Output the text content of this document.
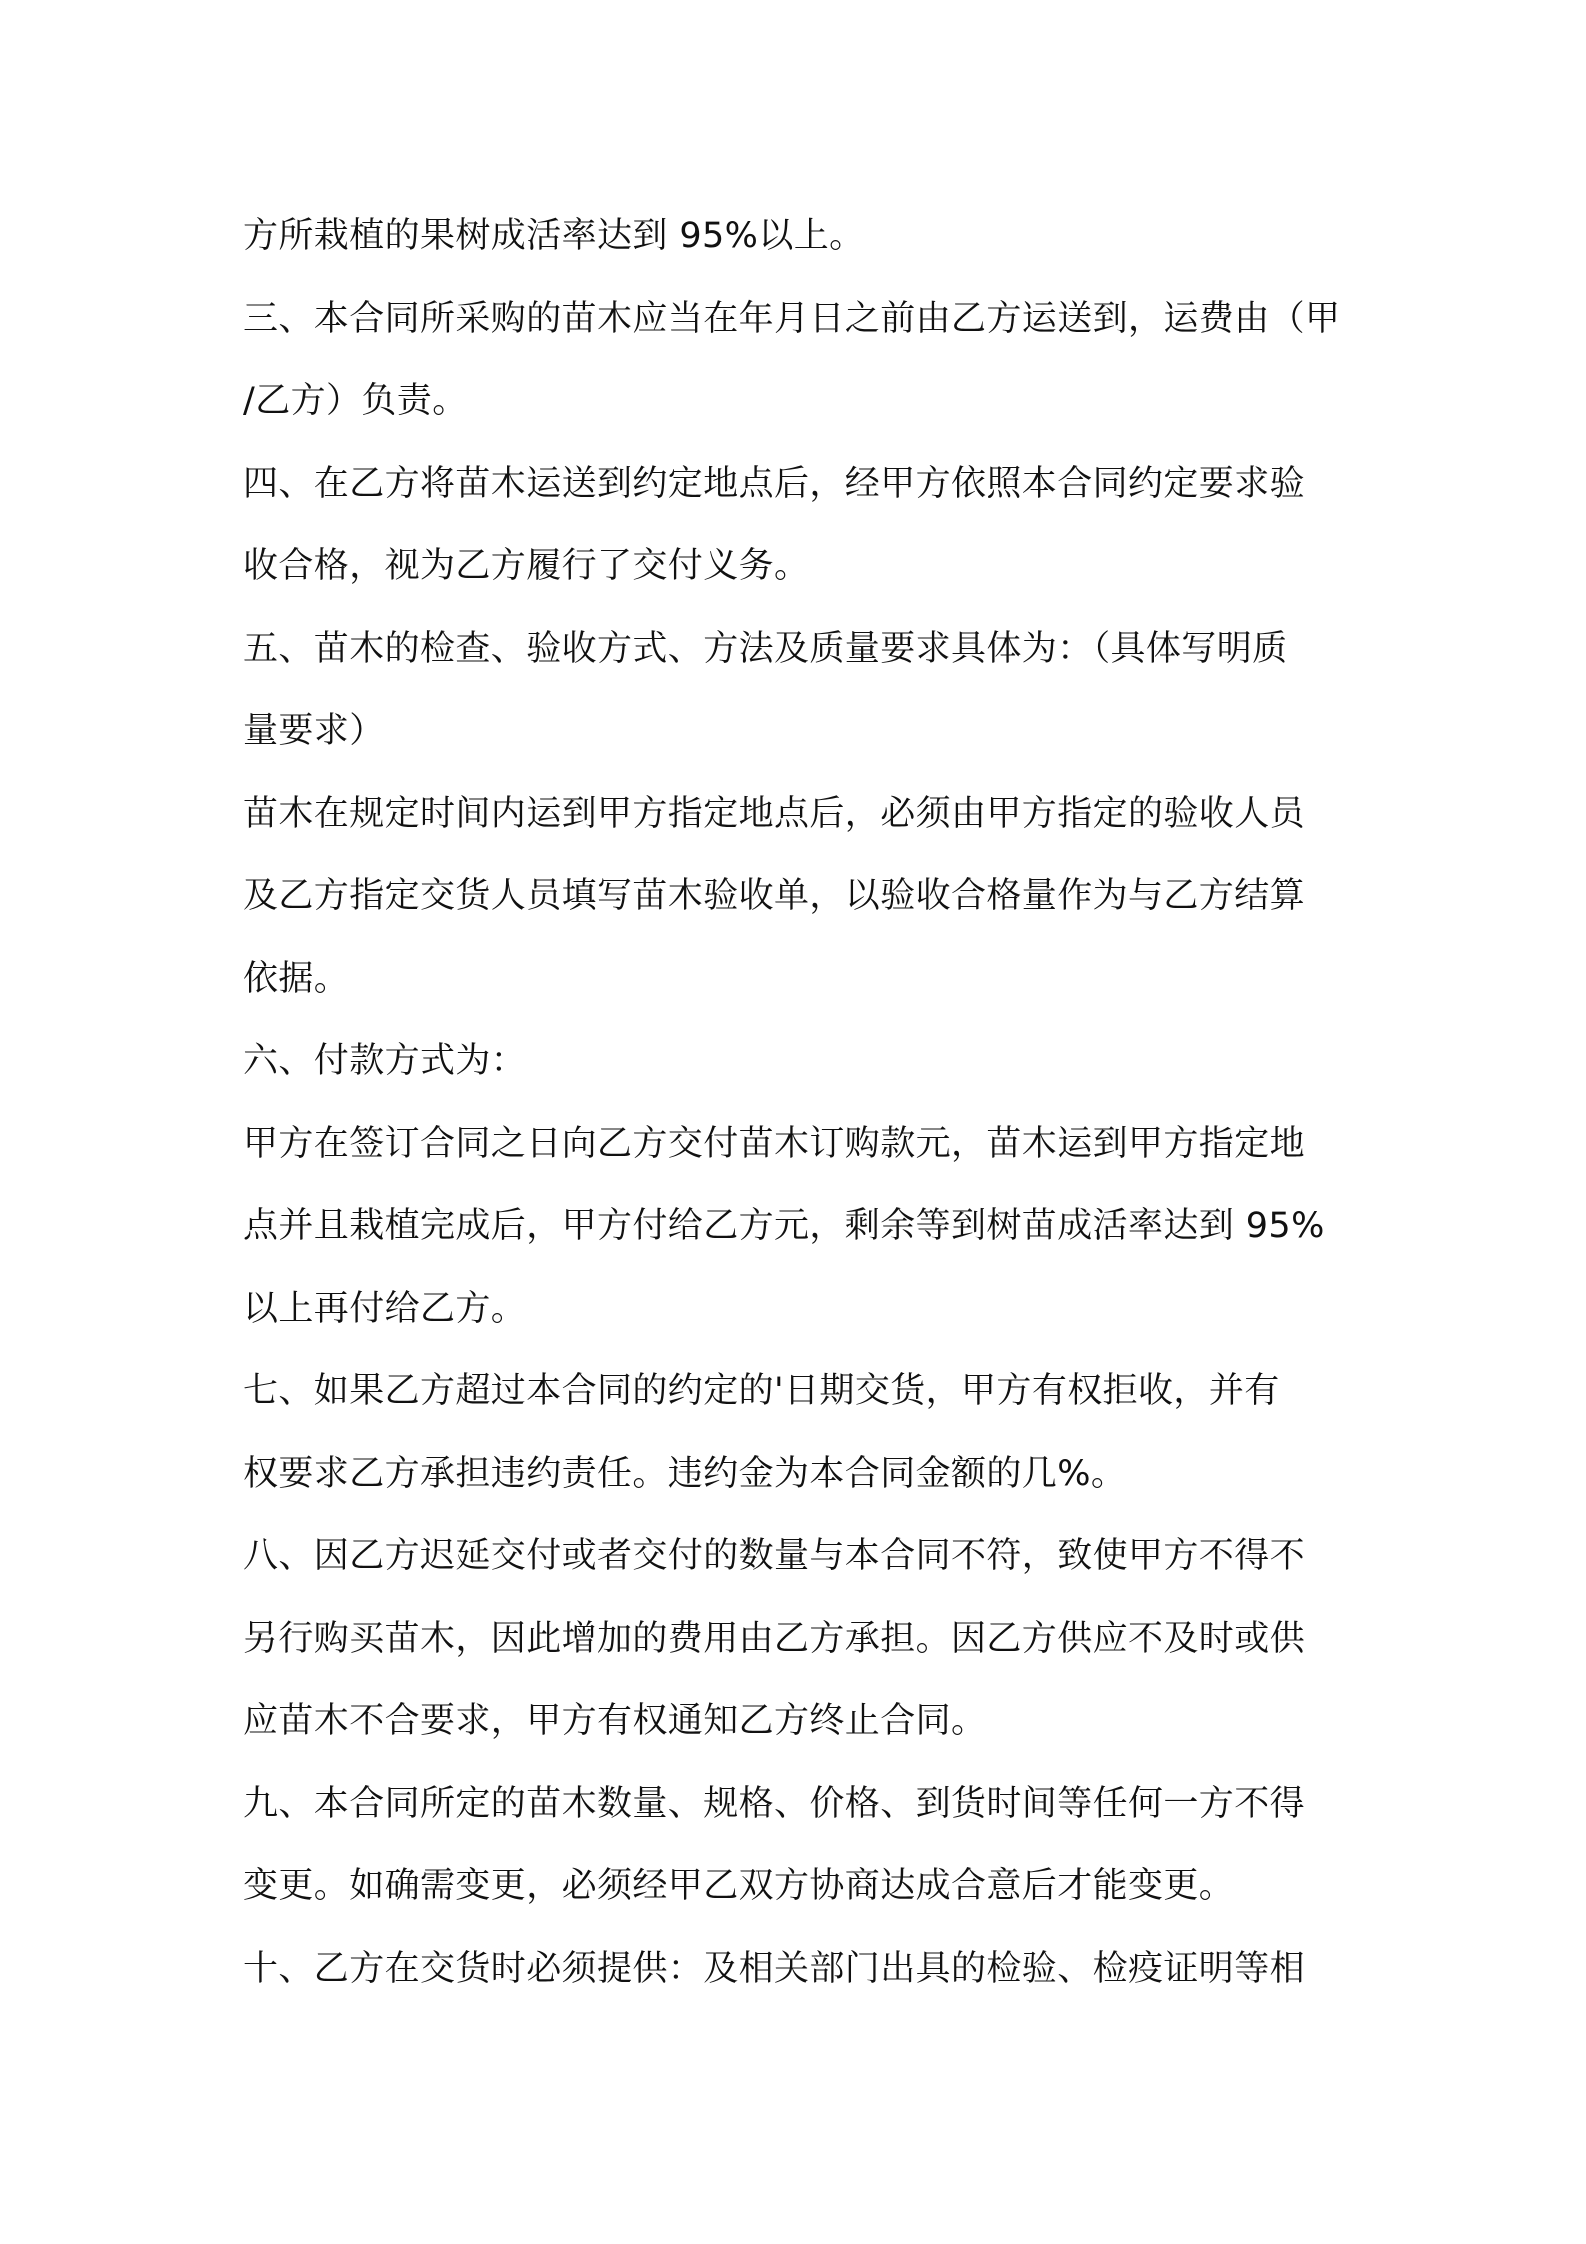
方所栽植的果树成活率达到 95%以上。
三、本合同所采购的苗木应当在年月日之前由乙方运送到，运费由（甲
/乙方）负责。
四、在乙方将苗木运送到约定地点后，经甲方依照本合同约定要求验
收合格，视为乙方履行了交付义务。
五、苗木的检查、验收方式、方法及质量要求具体为：（具体写明质
量要求）
苗木在规定时间内运到甲方指定地点后，必须由甲方指定的验收人员
及乙方指定交货人员填写苗木验收单，以验收合格量作为与乙方结算
依据。
六、付款方式为：
甲方在签订合同之日向乙方交付苗木订购款元，苗木运到甲方指定地
点并且栽植完成后，甲方付给乙方元，剩余等到树苗成活率达到 95%
以上再付给乙方。
七、如果乙方超过本合同的约定的'日期交货，甲方有权拒收，并有
权要求乙方承担违约责任。违约金为本合同金额的几%。
八、因乙方迟延交付或者交付的数量与本合同不符，致使甲方不得不
另行购买苗木，因此增加的费用由乙方承担。因乙方供应不及时或供
应苗木不合要求，甲方有权通知乙方终止合同。
九、本合同所定的苗木数量、规格、价格、到货时间等任何一方不得
变更。如确需变更，必须经甲乙双方协商达成合意后才能变更。
十、乙方在交货时必须提供：及相关部门出具的检验、检疫证明等相
